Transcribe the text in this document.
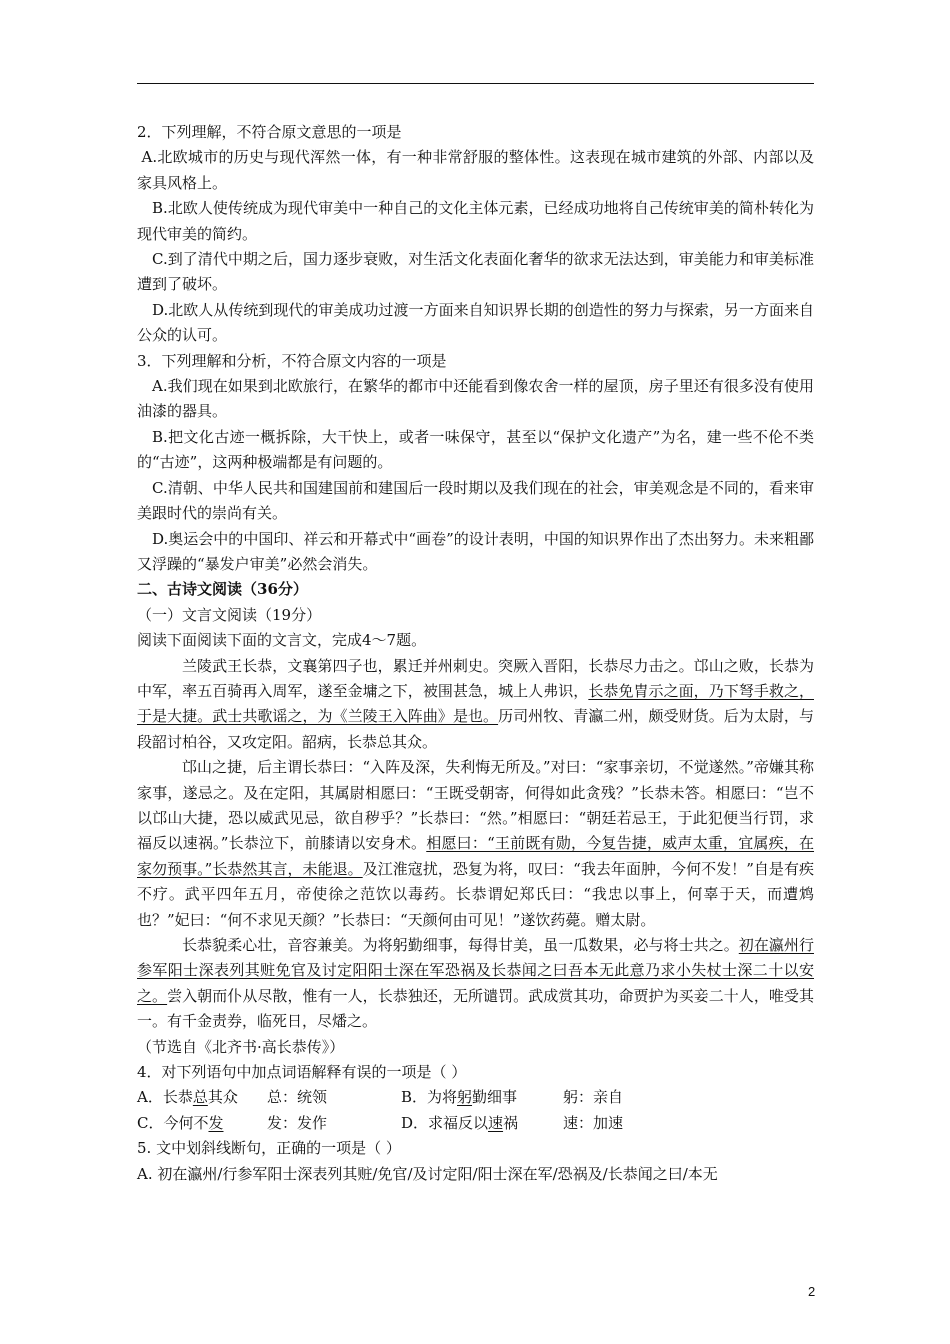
2．下列理解，不符合原文意思的一项是

A.北欧城市的历史与现代浑然一体，有一种非常舒服的整体性。这表现在城市建筑的外部、内部以及家具风格上。

B.北欧人使传统成为现代审美中一种自己的文化主体元素，已经成功地将自己传统审美的简朴转化为现代审美的简约。

C.到了清代中期之后，国力逐步衰败，对生活文化表面化奢华的欲求无法达到，审美能力和审美标准遭到了破坏。

D.北欧人从传统到现代的审美成功过渡一方面来自知识界长期的创造性的努力与探索，另一方面来自公众的认可。

3．下列理解和分析，不符合原文内容的一项是

A.我们现在如果到北欧旅行，在繁华的都市中还能看到像农舍一样的屋顶，房子里还有很多没有使用油漆的器具。

B.把文化古迹一概拆除，大干快上，或者一味保守，甚至以“保护文化遗产”为名，建一些不伦不类的“古迹”，这两种极端都是有问题的。

C.清朝、中华人民共和国建国前和建国后一段时期以及我们现在的社会，审美观念是不同的，看来审美跟时代的崇尚有关。

D.奥运会中的中国印、祥云和开幕式中“画卷”的设计表明，中国的知识界作出了杰出努力。未来粗鄙又浮躁的“暴发户审美”必然会消失。

二、古诗文阅读（36分）

（一）文言文阅读（19分）

阅读下面阅读下面的文言文，完成4～7题。

兰陵武王长恭，文襄第四子也，累迁并州刺史。突厥入晋阳，长恭尽力击之。邙山之败，长恭为中军，率五百骑再入周军，遂至金墉之下，被围甚急，城上人弗识，长恭免胄示之面，乃下弩手救之，于是大捷。武士共歌谣之，为《兰陵王入阵曲》是也。历司州牧、青瀛二州，颇受财货。后为太尉，与段韶讨柏谷，又攻定阳。韶病，长恭总其众。

邙山之捷，后主谓长恭曰：“入阵及深，失利悔无所及。”对曰：“家事亲切，不觉遂然。”帝嫌其称家事，遂忌之。及在定阳，其属尉相愿曰：“王既受朝寄，何得如此贪残？”长恭未答。相愿曰：“岂不以邙山大捷，恐以威武见忌，欲自秽乎？”长恭曰：“然。”相愿曰：“朝廷若忌王，于此犯便当行罚，求福反以速祸。”长恭泣下，前膝请以安身术。相愿曰：“王前既有勋，今复告捷，威声太重，宜属疾，在家勿预事。”长恭然其言，未能退。及江淮寇扰，恐复为将，叹曰：“我去年面肿，今何不发！”自是有疾不疗。武平四年五月，帝使徐之范饮以毒药。长恭谓妃郑氏曰：“我忠以事上，何辜于天，而遭鸩也？”妃曰：“何不求见天颜？”长恭曰：“天颜何由可见！”遂饮药薨。赠太尉。

长恭貌柔心壮，音容兼美。为将躬勤细事，每得甘美，虽一瓜数果，必与将士共之。初在瀛州行参军阳士深表列其赃免官及讨定阳阳士深在军恐祸及长恭闻之曰吾本无此意乃求小失杖士深二十以安之。尝入朝而仆从尽散，惟有一人，长恭独还，无所谴罚。武成赏其功，命贾护为买妾二十人，唯受其一。有千金责券，临死日，尽燔之。

（节选自《北齐书·高长恭传》）

4．对下列语句中加点词语解释有误的一项是（ ）

A．长恭总其众	总：统领	B．为将躬勤细事	躬：亲自
C．今何不发	发：发作	D．求福反以速祸	速：加速

5. 文中划斜线断句，正确的一项是（ ）

A. 初在瀛州/行参军阳士深表列其赃/免官/及讨定阳/阳士深在军/恐祸及/长恭闻之曰/本无

2
